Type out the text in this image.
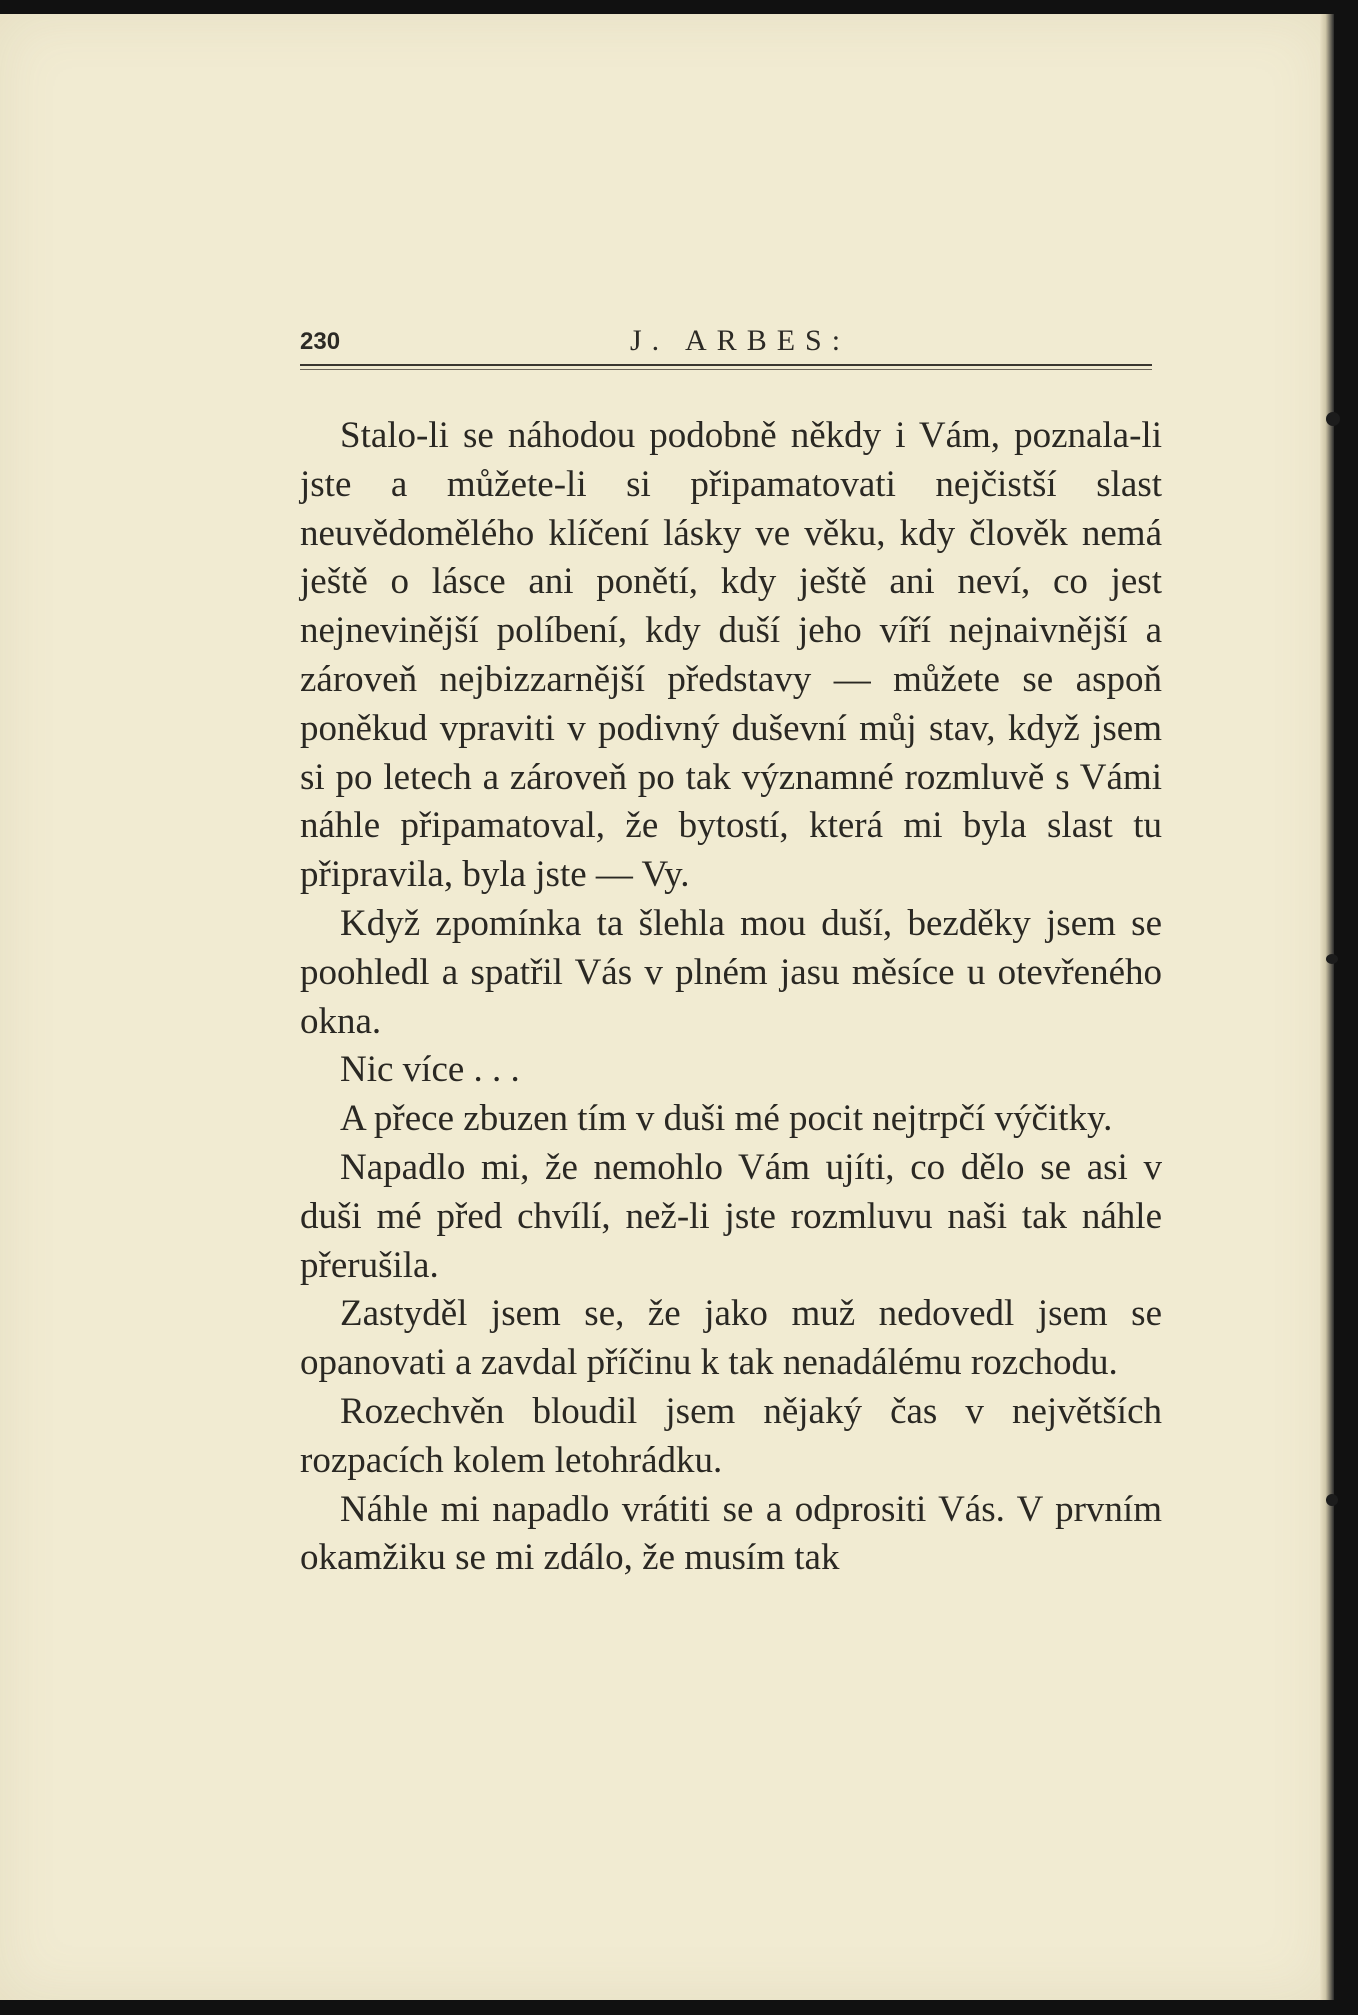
230	J. ARBES:

Stalo-li se náhodou podobně někdy i Vám, poznala-li jste a můžete-li si připamatovati nejčistší slast neuvědomělého klíčení lásky ve věku, kdy člověk nemá ještě o lásce ani ponětí, kdy ještě ani neví, co jest nejnevinější políbení, kdy duší jeho víří nejnaivnější a zároveň nejbizzarnější představy — můžete se aspoň poněkud vpraviti v podivný duševní můj stav, když jsem si po letech a zároveň po tak významné rozmluvě s Vámi náhle připamatoval, že bytostí, která mi byla slast tu připravila, byla jste — Vy.

Když zpomínka ta šlehla mou duší, bezděky jsem se poohledl a spatřil Vás v plném jasu měsíce u otevřeného okna.

Nic více . . .

A přece zbuzen tím v duši mé pocit nejtrpčí výčitky.

Napadlo mi, že nemohlo Vám ujíti, co dělo se asi v duši mé před chvílí, než-li jste rozmluvu naši tak náhle přerušila.

Zastyděl jsem se, že jako muž nedovedl jsem se opanovati a zavdal příčinu k tak nenadálému rozchodu.

Rozechvěn bloudil jsem nějaký čas v největších rozpacích kolem letohrádku.

Náhle mi napadlo vrátiti se a odprositi Vás. V prvním okamžiku se mi zdálo, že musím tak
